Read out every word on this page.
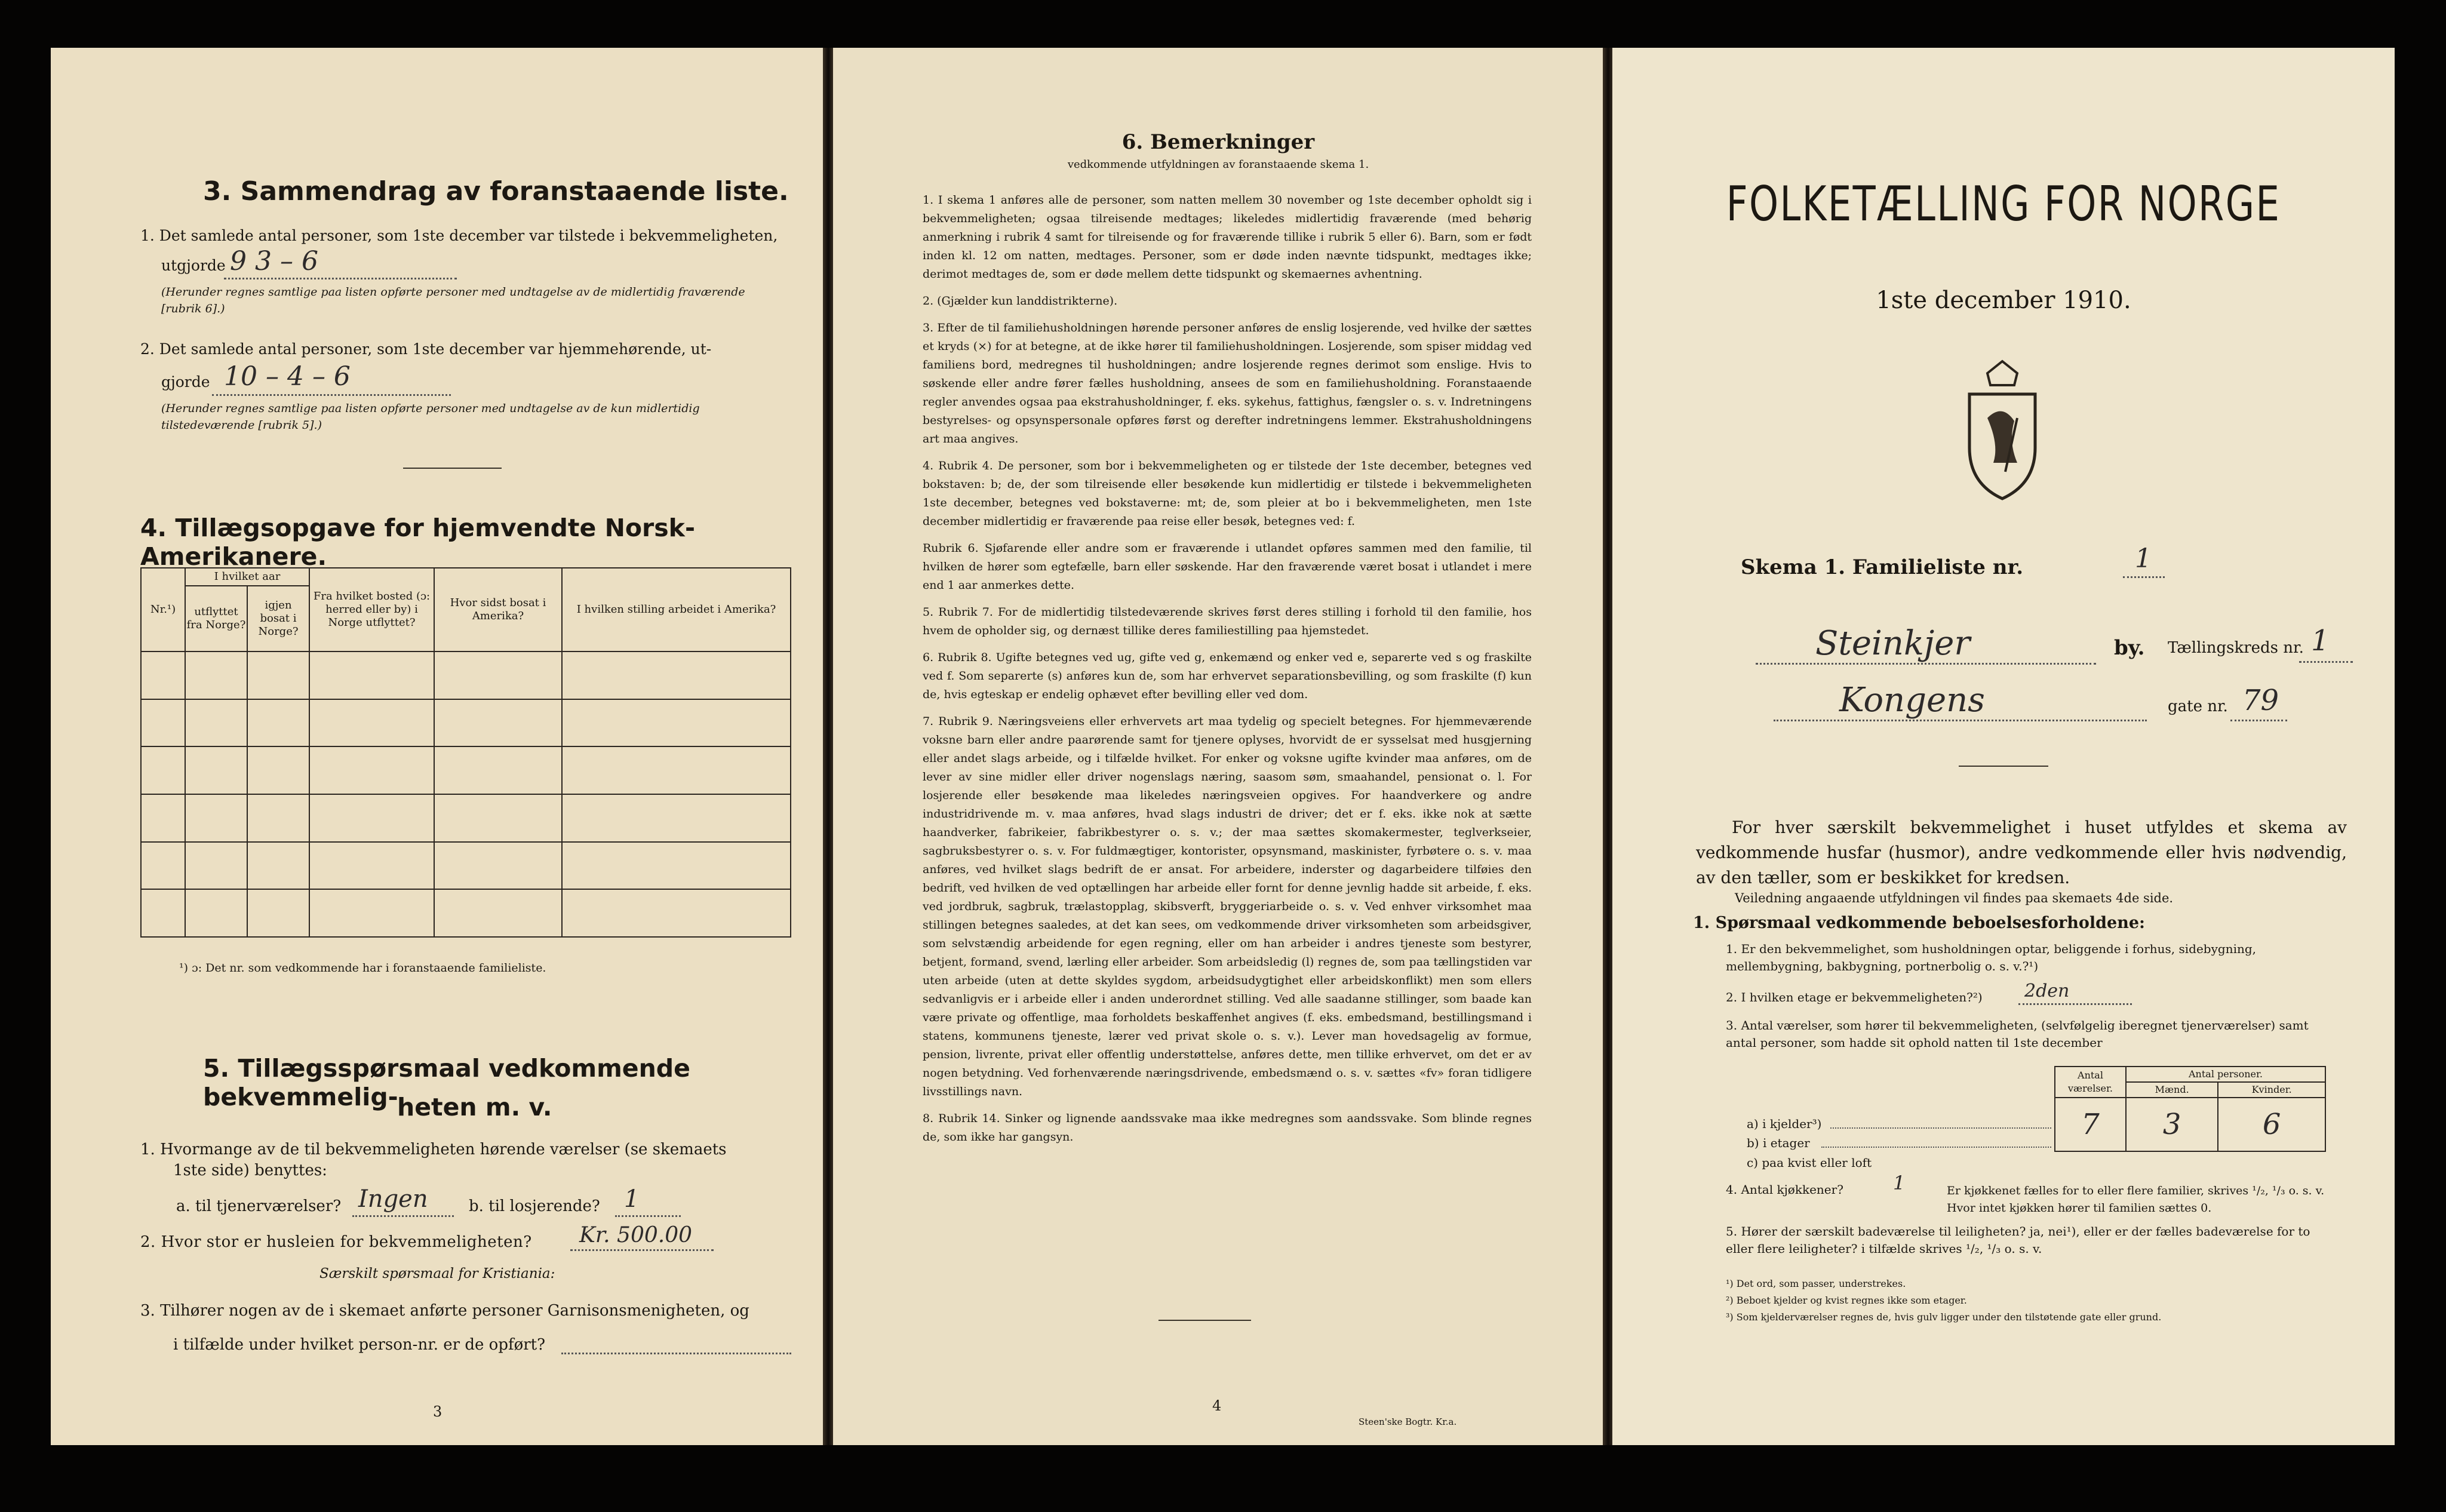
3. Sammendrag av foranstaaende liste.
1. Det samlede antal personer, som 1ste december var tilstede i bekvemmeligheten,
utgjorde 9 3 – 6
(Herunder regnes samtlige paa listen opførte personer med undtagelse av de midlertidig fraværende [rubrik 6].)
2. Det samlede antal personer, som 1ste december var hjemmehørende, ut-
gjorde 10 – 4 – 6
(Herunder regnes samtlige paa listen opførte personer med undtagelse av de kun midlertidig tilstedeværende [rubrik 5].)
4. Tillægsopgave for hjemvendte Norsk-Amerikanere.
Nr.¹)	I hvilket aar		Fra hvilket bosted (ɔ: herred eller by) i Norge utflyttet?	Hvor sidst bosat i Amerika?	I hvilken stilling arbeidet i Amerika?
	utflyttet fra Norge?	igjen bosat i Norge?			

¹) ɔ: Det nr. som vedkommende har i foranstaaende familieliste.
5. Tillægsspørsmaal vedkommende bekvemmelig-
heten m. v.
1. Hvormange av de til bekvemmeligheten hørende værelser (se skemaets
1ste side) benyttes:
a. til tjenerværelser? Ingen	b. til losjerende? 1
2. Hvor stor er husleien for bekvemmeligheten? Kr. 500.00
Særskilt spørsmaal for Kristiania:
3. Tilhører nogen av de i skemaet anførte personer Garnisonsmenigheten, og
i tilfælde under hvilket person-nr. er de opført?
3
6. Bemerkninger
vedkommende utfyldningen av foranstaaende skema 1.

1. I skema 1 anføres alle de personer, som natten mellem 30 november og 1ste december opholdt sig i bekvemmeligheten; ogsaa tilreisende medtages; likeledes midlertidig fraværende (med behørig anmerkning i rubrik 4 samt for tilreisende og for fraværende tillike i rubrik 5 eller 6). Barn, som er født inden kl. 12 om natten, medtages. Personer, som er døde inden nævnte tidspunkt, medtages ikke; derimot medtages de, som er døde mellem dette tidspunkt og skemaernes avhentning.

2. (Gjælder kun landdistrikterne).

3. Efter de til familiehusholdningen hørende personer anføres de enslig losjerende, ved hvilke der sættes et kryds (×) for at betegne, at de ikke hører til familiehusholdningen. Losjerende, som spiser middag ved familiens bord, medregnes til husholdningen; andre losjerende regnes derimot som enslige. Hvis to søskende eller andre fører fælles husholdning, ansees de som en familiehusholdning. Foranstaaende regler anvendes ogsaa paa ekstrahusholdninger, f. eks. sykehus, fattighus, fængsler o. s. v. Indretningens bestyrelses- og opsynspersonale opføres først og derefter indretningens lemmer. Ekstrahusholdningens art maa angives.

4. Rubrik 4. De personer, som bor i bekvemmeligheten og er tilstede der 1ste december, betegnes ved bokstaven: b; de, der som tilreisende eller besøkende kun midlertidig er tilstede i bekvemmeligheten 1ste december, betegnes ved bokstaverne: mt; de, som pleier at bo i bekvemmeligheten, men 1ste december midlertidig er fraværende paa reise eller besøk, betegnes ved: f.

Rubrik 6. Sjøfarende eller andre som er fraværende i utlandet opføres sammen med den familie, til hvilken de hører som egtefælle, barn eller søskende. Har den fraværende været bosat i utlandet i mere end 1 aar anmerkes dette.

5. Rubrik 7. For de midlertidig tilstedeværende skrives først deres stilling i forhold til den familie, hos hvem de opholder sig, og dernæst tillike deres familiestilling paa hjemstedet.

6. Rubrik 8. Ugifte betegnes ved ug, gifte ved g, enkemænd og enker ved e, separerte ved s og fraskilte ved f. Som separerte (s) anføres kun de, som har erhvervet separationsbevilling, og som fraskilte (f) kun de, hvis egteskap er endelig ophævet efter bevilling eller ved dom.

7. Rubrik 9. Næringsveiens eller erhvervets art maa tydelig og specielt betegnes. For hjemmeværende voksne barn eller andre paarørende samt for tjenere oplyses, hvorvidt de er sysselsat med husgjerning eller andet slags arbeide, og i tilfælde hvilket. For enker og voksne ugifte kvinder maa anføres, om de lever av sine midler eller driver nogenslags næring, saasom søm, smaahandel, pensionat o. l. For losjerende eller besøkende maa likeledes næringsveien opgives. For haandverkere og andre industridrivende m. v. maa anføres, hvad slags industri de driver; det er f. eks. ikke nok at sætte haandverker, fabrikeier, fabrikbestyrer o. s. v.; der maa sættes skomakermester, teglverkseier, sagbruksbestyrer o. s. v. For fuldmægtiger, kontorister, opsynsmand, maskinister, fyrbøtere o. s. v. maa anføres, ved hvilket slags bedrift de er ansat. For arbeidere, inderster og dagarbeidere tilføies den bedrift, ved hvilken de ved optællingen har arbeide eller fornt for denne jevnlig hadde sit arbeide, f. eks. ved jordbruk, sagbruk, trælastopplag, skibsverft, bryggeriarbeide o. s. v. Ved enhver virksomhet maa stillingen betegnes saaledes, at det kan sees, om vedkommende driver virksomheten som arbeidsgiver, som selvstændig arbeidende for egen regning, eller om han arbeider i andres tjeneste som bestyrer, betjent, formand, svend, lærling eller arbeider. Som arbeidsledig (l) regnes de, som paa tællingstiden var uten arbeide (uten at dette skyldes sygdom, arbeidsudygtighet eller arbeidskonflikt) men som ellers sedvanligvis er i arbeide eller i anden underordnet stilling. Ved alle saadanne stillinger, som baade kan være private og offentlige, maa forholdets beskaffenhet angives (f. eks. embedsmand, bestillingsmand i statens, kommunens tjeneste, lærer ved privat skole o. s. v.). Lever man hovedsagelig av formue, pension, livrente, privat eller offentlig understøttelse, anføres dette, men tillike erhvervet, om det er av nogen betydning. Ved forhenværende næringsdrivende, embedsmænd o. s. v. sættes «fv» foran tidligere livsstillings navn.

8. Rubrik 14. Sinker og lignende aandssvake maa ikke medregnes som aandssvake. Som blinde regnes de, som ikke har gangsyn.

4
Steen'ske Bogtr. Kr.a.
FOLKETÆLLING FOR NORGE
1ste december 1910.
Skema 1. Familieliste nr.	1
Steinkjer	by. Tællingskreds nr. 1
Kongens	gate nr. 79
For hver særskilt bekvemmelighet i huset utfyldes et skema av vedkommende husfar (husmor), andre vedkommende eller hvis nødvendig, av den tæller, som er beskikket for kredsen.
Veiledning angaaende utfyldningen vil findes paa skemaets 4de side.
1. Spørsmaal vedkommende beboelsesforholdene:
1. Er den bekvemmelighet, som husholdningen optar, beliggende i forhus, sidebygning, mellembygning, bakbygning, portnerbolig o. s. v.?¹)
2. I hvilken etage er bekvemmeligheten?²) 2den
3. Antal værelser, som hører til bekvemmeligheten, (selvfølgelig iberegnet tjenerværelser) samt antal personer, som hadde sit ophold natten til 1ste december
Antal værelser.	Antal personer.	
	Mænd.	Kvinder.
7	3	6
a) i kjelder³)
b) i etager
c) paa kvist eller loft
4. Antal kjøkkener?	1	Er kjøkkenet fælles for to eller flere familier, skrives ¹/₂, ¹/₃ o. s. v. Hvor intet kjøkken hører til familien sættes 0.
5. Hører der særskilt badeværelse til leiligheten? ja, nei¹), eller er der fælles badeværelse for to eller flere leiligheter? i tilfælde skrives ¹/₂, ¹/₃ o. s. v.
¹) Det ord, som passer, understrekes.
²) Beboet kjelder og kvist regnes ikke som etager.
³) Som kjelderværelser regnes de, hvis gulv ligger under den tilstøtende gate eller grund.
